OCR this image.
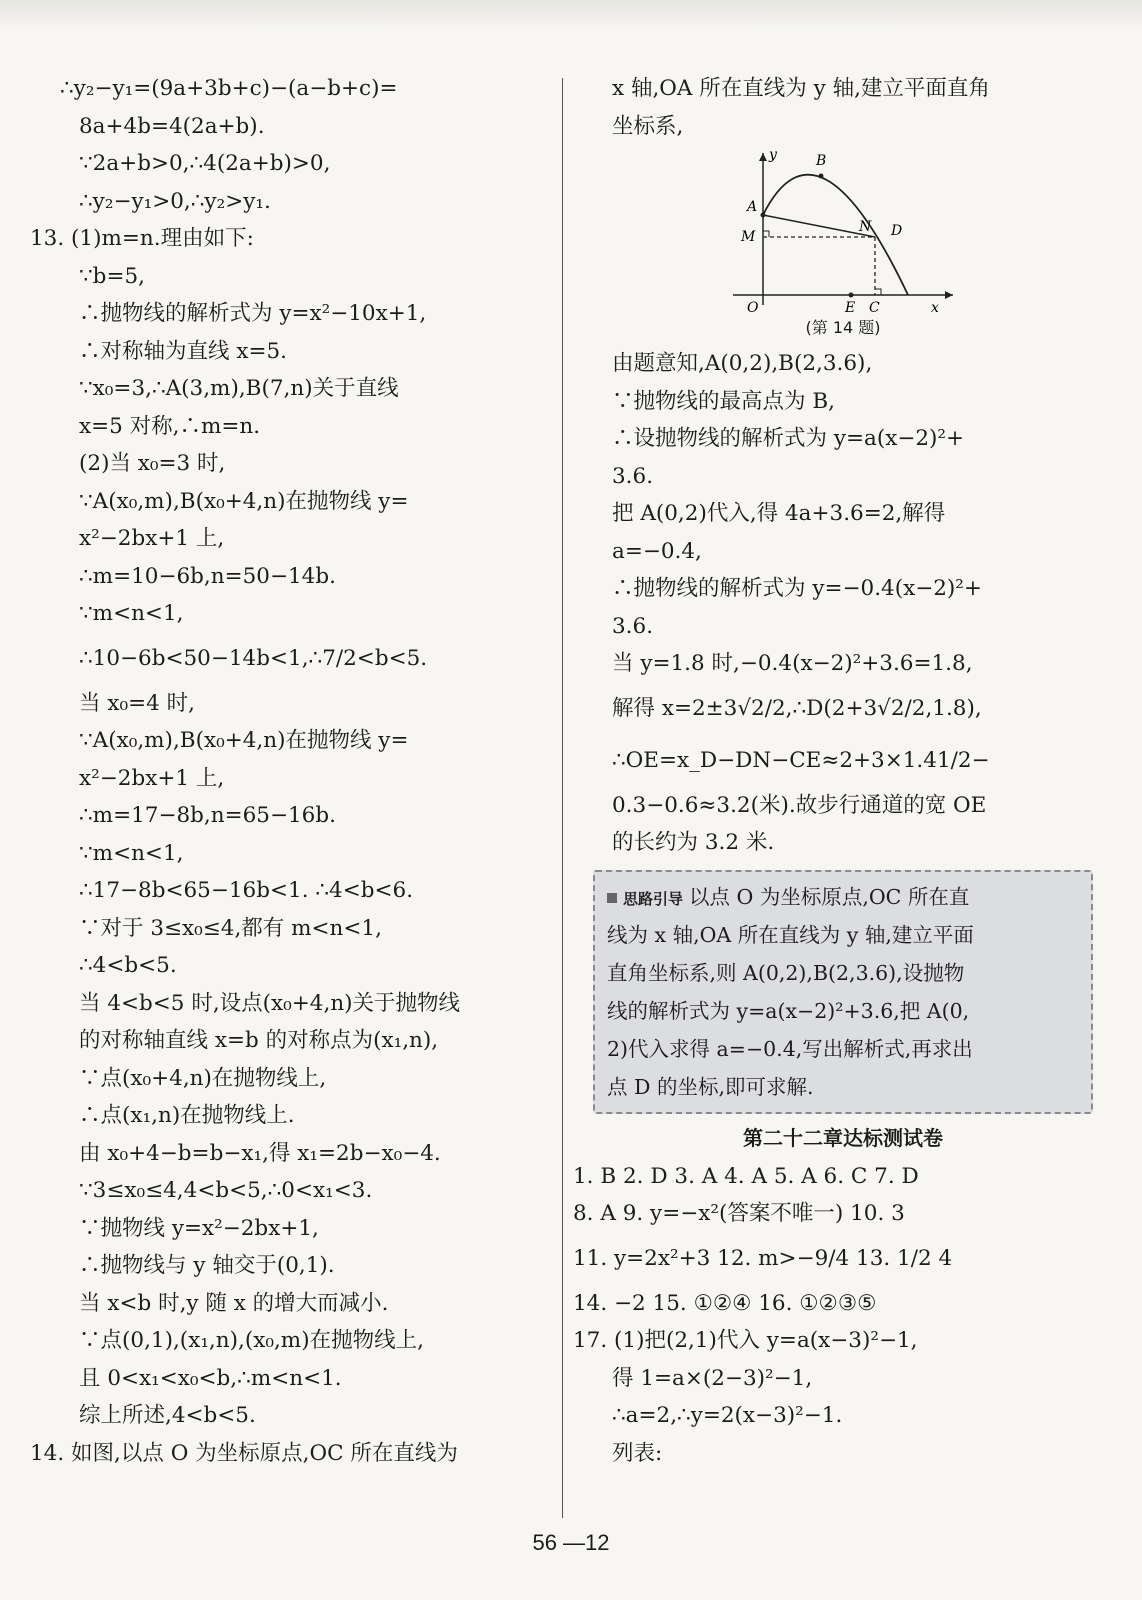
∴y₂−y₁=(9a+3b+c)−(a−b+c)=
8a+4b=4(2a+b).
∵2a+b>0,∴4(2a+b)>0,
∴y₂−y₁>0,∴y₂>y₁.
13. (1)m=n.理由如下:
∵b=5,
∴抛物线的解析式为 y=x²−10x+1,
∴对称轴为直线 x=5.
∵x₀=3,∴A(3,m),B(7,n)关于直线
x=5 对称,∴m=n.
(2)当 x₀=3 时,
∵A(x₀,m),B(x₀+4,n)在抛物线 y=
x²−2bx+1 上,
∴m=10−6b,n=50−14b.
∵m<n<1,
∴10−6b<50−14b<1,∴7/2<b<5.
当 x₀=4 时,
∵A(x₀,m),B(x₀+4,n)在抛物线 y=
x²−2bx+1 上,
∴m=17−8b,n=65−16b.
∵m<n<1,
∴17−8b<65−16b<1. ∴4<b<6.
∵对于 3≤x₀≤4,都有 m<n<1,
∴4<b<5.
当 4<b<5 时,设点(x₀+4,n)关于抛物线
的对称轴直线 x=b 的对称点为(x₁,n),
∵点(x₀+4,n)在抛物线上,
∴点(x₁,n)在抛物线上.
由 x₀+4−b=b−x₁,得 x₁=2b−x₀−4.
∵3≤x₀≤4,4<b<5,∴0<x₁<3.
∵抛物线 y=x²−2bx+1,
∴抛物线与 y 轴交于(0,1).
当 x<b 时,y 随 x 的增大而减小.
∵点(0,1),(x₁,n),(x₀,m)在抛物线上,
且 0<x₁<x₀<b,∴m<n<1.
综上所述,4<b<5.
14. 如图,以点 O 为坐标原点,OC 所在直线为
x 轴,OA 所在直线为 y 轴,建立平面直角
坐标系,
y	B
A
M
N D
O	E C	x
(第 14 题)
由题意知,A(0,2),B(2,3.6),
∵抛物线的最高点为 B,
∴设抛物线的解析式为 y=a(x−2)²+
3.6.
把 A(0,2)代入,得 4a+3.6=2,解得
a=−0.4,
∴抛物线的解析式为 y=−0.4(x−2)²+
3.6.
当 y=1.8 时,−0.4(x−2)²+3.6=1.8,
解得 x=2±3√2/2,∴D(2+3√2/2,1.8),
∴OE=x_D−DN−CE≈2+3×1.41/2−
0.3−0.6≈3.2(米).故步行通道的宽 OE
的长约为 3.2 米.
思路引导 以点 O 为坐标原点,OC 所在直
线为 x 轴,OA 所在直线为 y 轴,建立平面
直角坐标系,则 A(0,2),B(2,3.6),设抛物
线的解析式为 y=a(x−2)²+3.6,把 A(0,
2)代入求得 a=−0.4,写出解析式,再求出
点 D 的坐标,即可求解.
第二十二章达标测试卷
1. B 2. D 3. A 4. A 5. A 6. C 7. D
8. A 9. y=−x²(答案不唯一) 10. 3
11. y=2x²+3 12. m>−9/4 13. 1/2 4
14. −2 15. ①②④ 16. ①②③⑤
17. (1)把(2,1)代入 y=a(x−3)²−1,
得 1=a×(2−3)²−1,
∴a=2,∴y=2(x−3)²−1.
列表:
56 —12
